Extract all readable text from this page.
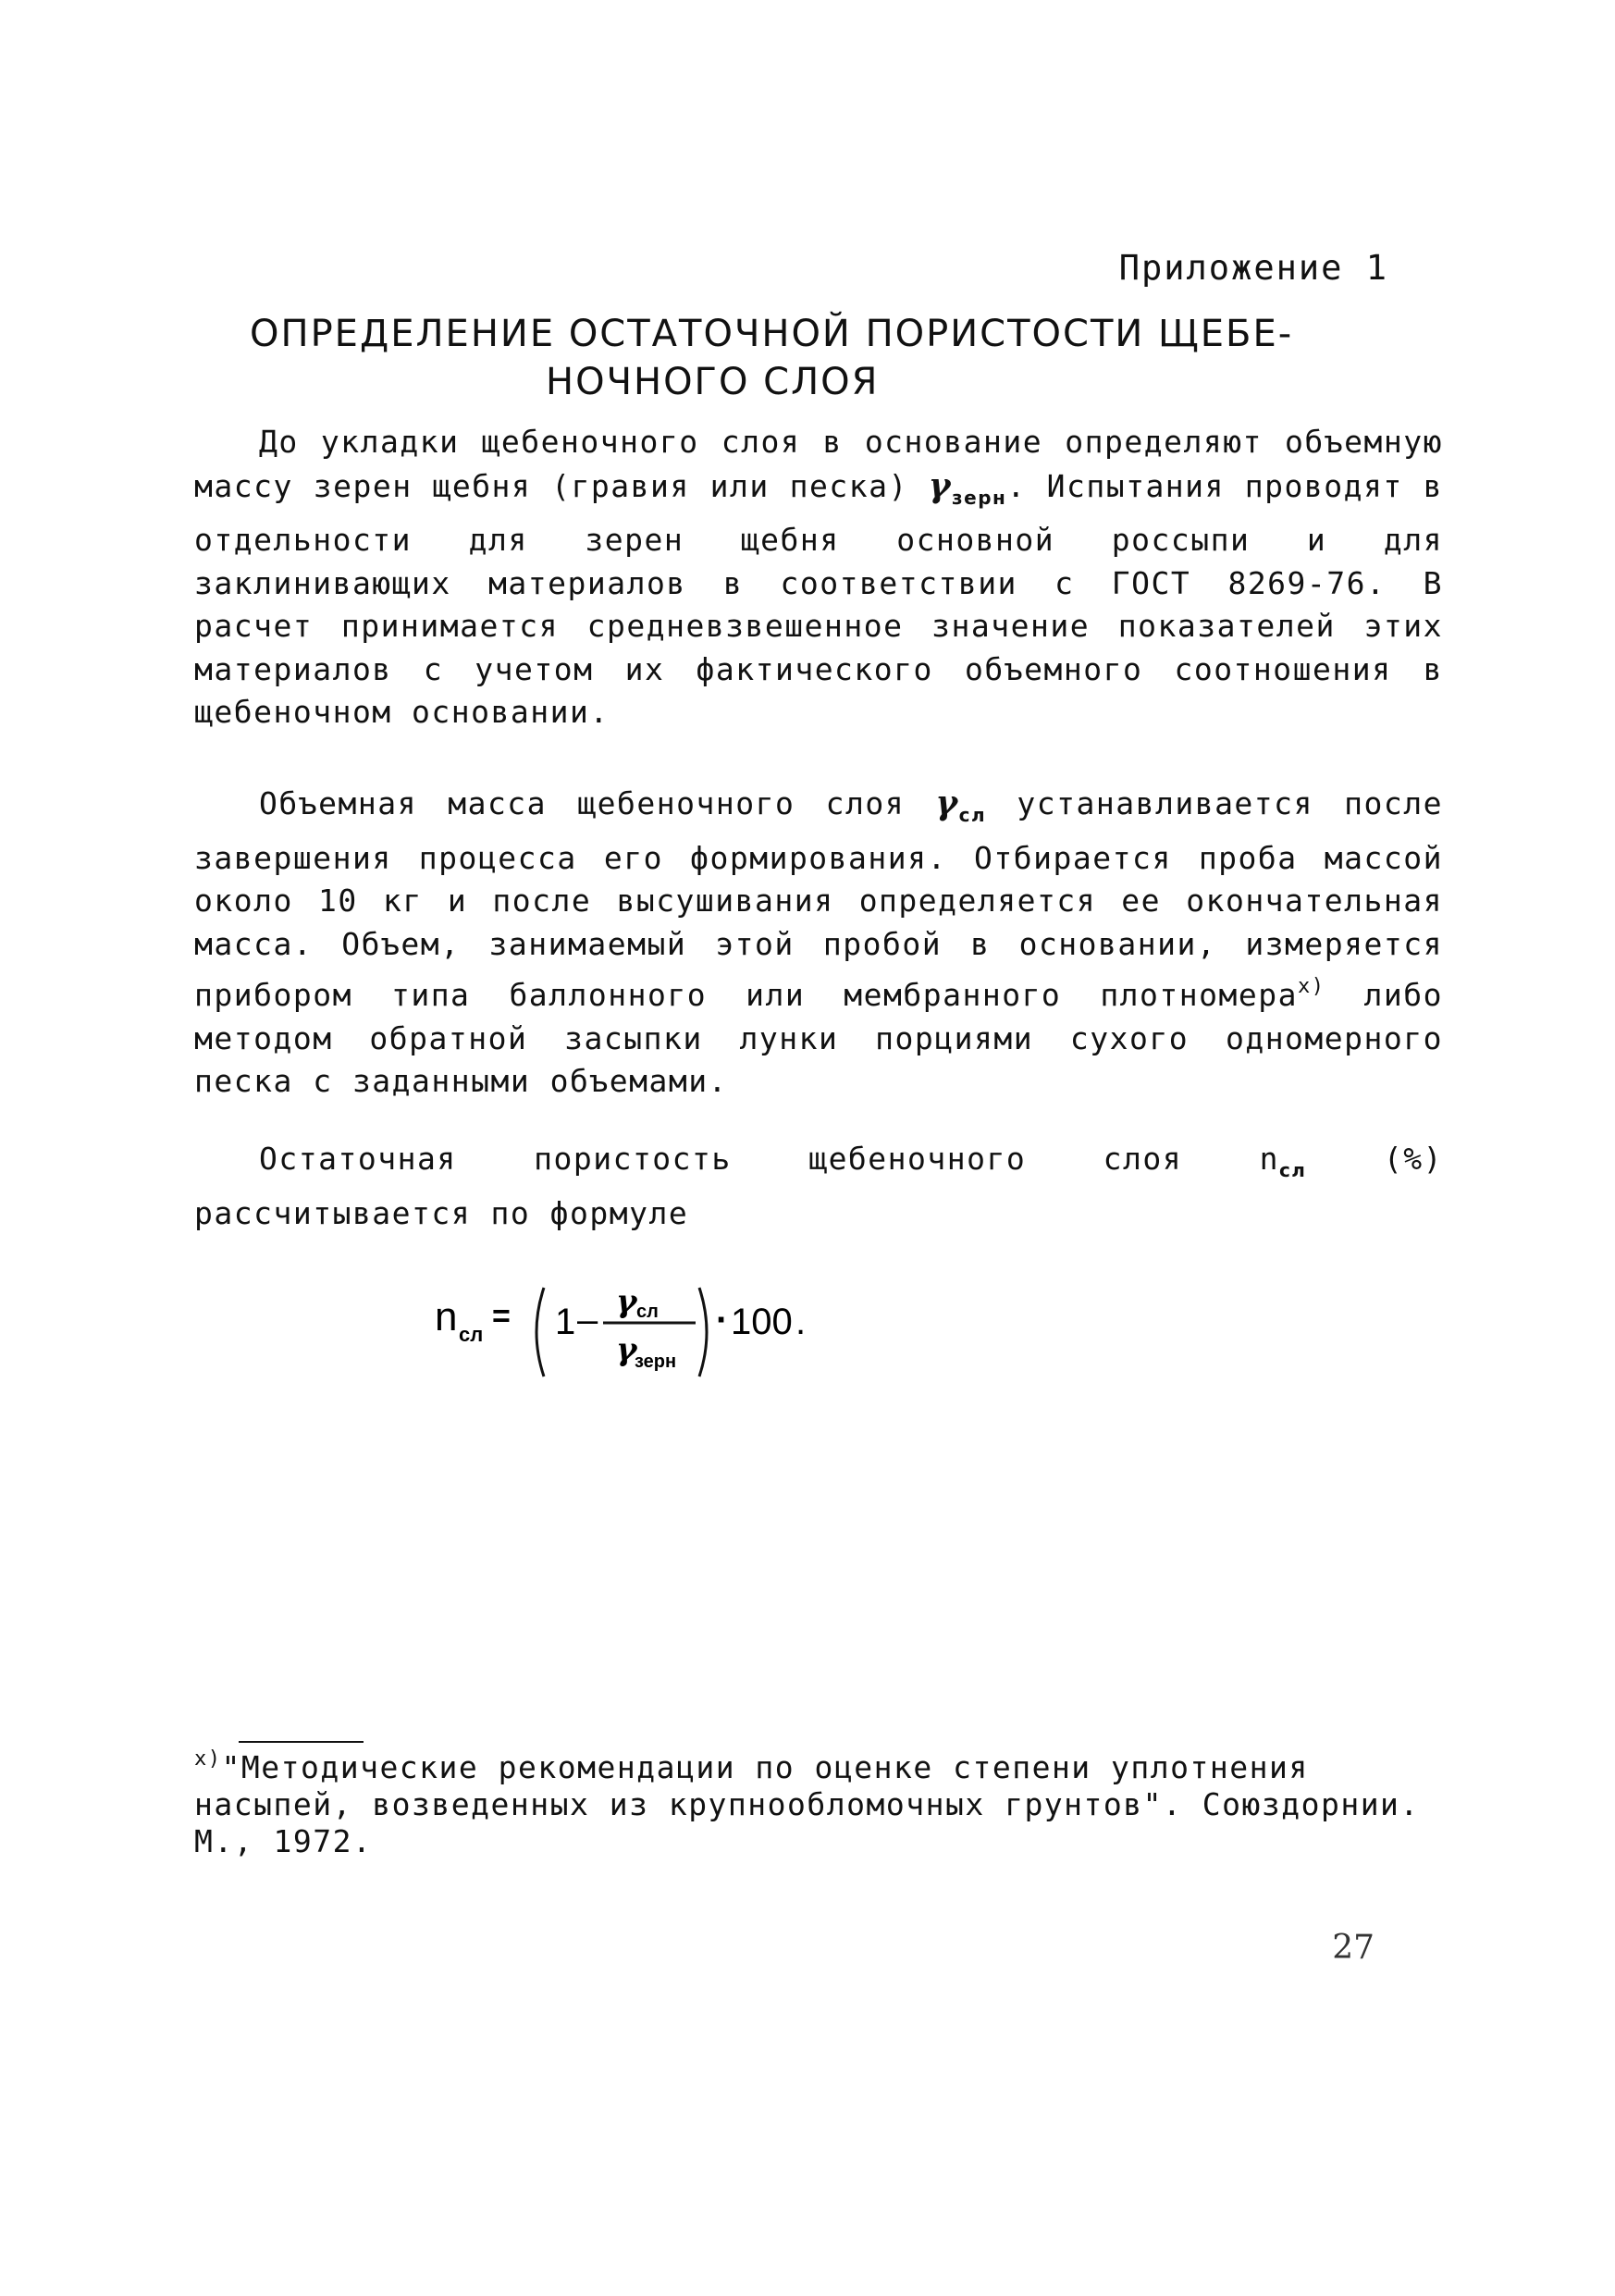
Приложение 1
ОПРЕДЕЛЕНИЕ ОСТАТОЧНОЙ ПОРИСТОСТИ ЩЕБЕ-
НОЧНОГО СЛОЯ

До укладки щебеночного слоя в основание определяют объемную массу зерен щебня (гравия или песка) $\gamma_{зерн}$. Испытания проводят в отдельности для зерен щебня основной россыпи и для заклинивающих материалов в соответствии с ГОСТ 8269-76. В расчет принимается средневзвешенное значение показателей этих материалов с учетом их фактического объемного соотношения в щебеночном основании.

Объемная масса щебеночного слоя $\gamma_{сл}$ устанавливается после завершения процесса его формирования. Отбирается проба массой около 10 кг и после высушивания определяется ее окончательная масса. Объем, занимаемый этой пробой в основании, измеряется прибором типа баллонного или мембранного плотномера$^{x)}$ либо методом обратной засыпки лунки порциями сухого одномерного песка с заданными объемами.

Остаточная пористость щебеночного слоя $n_{сл}$ (%) рассчитывается по формуле

n сл
= 1 – γ сл
γ
зерн
· 100 .
$^{x)}$"Методические рекомендации по оценке степени уплотнения насыпей, возведенных из крупнообломочных грунтов". Союздорнии. М., 1972.
27
